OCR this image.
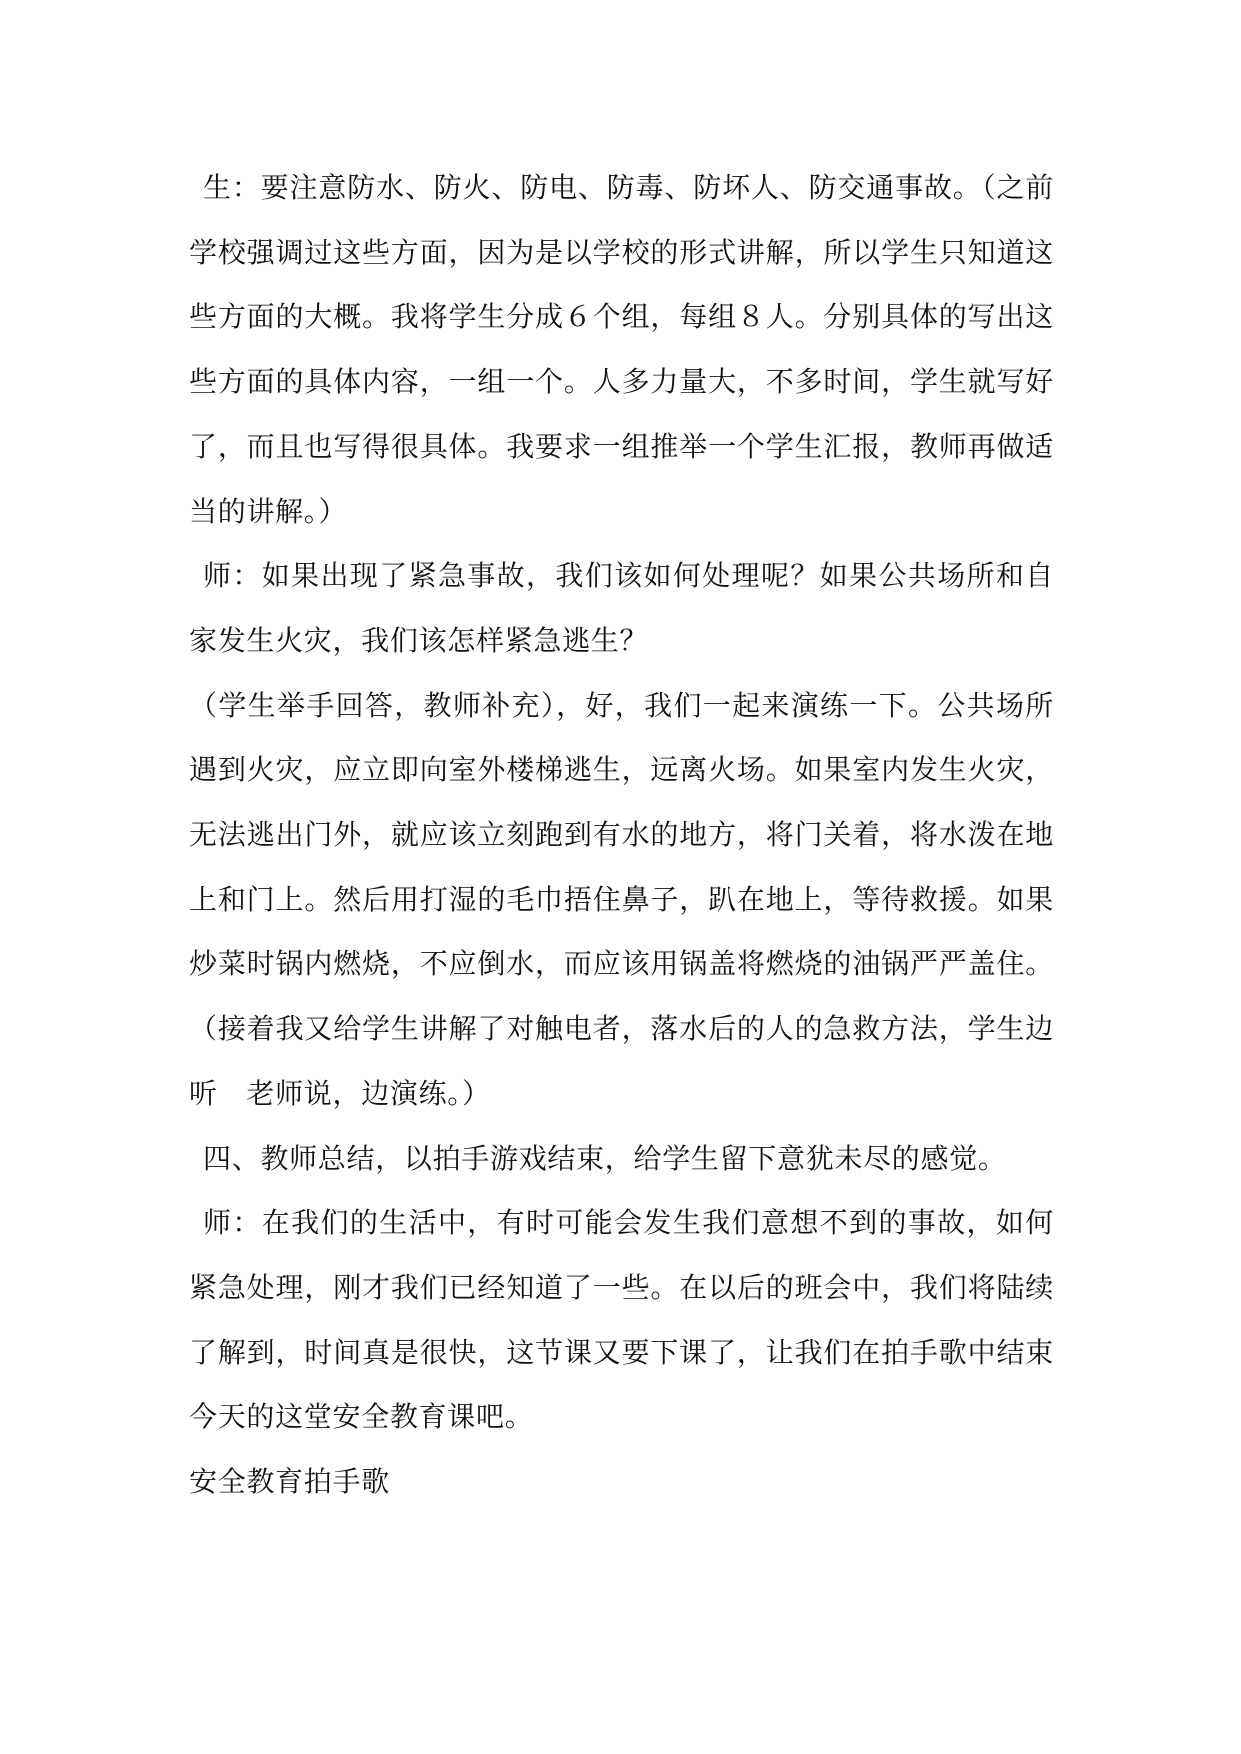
生：要注意防水、防火、防电、防毒、防坏人、防交通事故。（之前学校强调过这些方面，因为是以学校的形式讲解，所以学生只知道这些方面的大概。我将学生分成６个组，每组８人。分别具体的写出这些方面的具体内容，一组一个。人多力量大，不多时间，学生就写好了，而且也写得很具体。我要求一组推举一个学生汇报，教师再做适当的讲解。）

师：如果出现了紧急事故，我们该如何处理呢？如果公共场所和自家发生火灾，我们该怎样紧急逃生？

（学生举手回答，教师补充），好，我们一起来演练一下。公共场所遇到火灾，应立即向室外楼梯逃生，远离火场。如果室内发生火灾，无法逃出门外，就应该立刻跑到有水的地方，将门关着，将水泼在地上和门上。然后用打湿的毛巾捂住鼻子，趴在地上，等待救援。如果炒菜时锅内燃烧，不应倒水，而应该用锅盖将燃烧的油锅严严盖住。（接着我又给学生讲解了对触电者，落水后的人的急救方法，学生边听　老师说，边演练。）

四、教师总结，以拍手游戏结束，给学生留下意犹未尽的感觉。

师：在我们的生活中，有时可能会发生我们意想不到的事故，如何紧急处理，刚才我们已经知道了一些。在以后的班会中，我们将陆续了解到，时间真是很快，这节课又要下课了，让我们在拍手歌中结束今天的这堂安全教育课吧。

安全教育拍手歌
